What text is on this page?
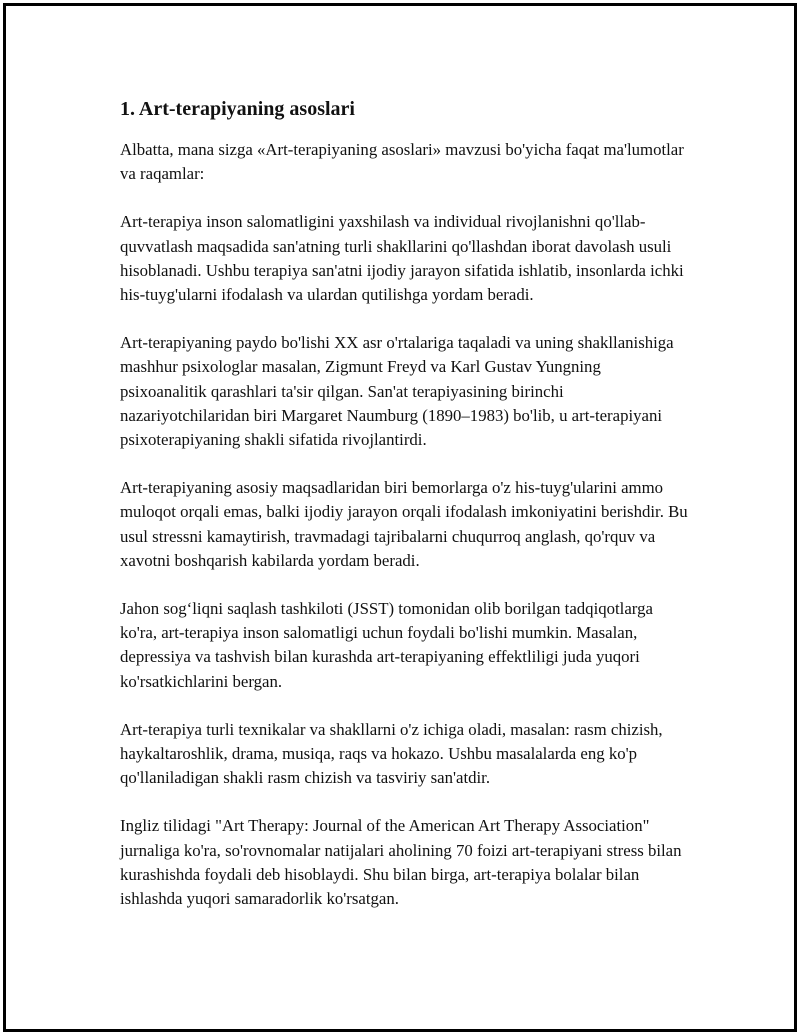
1. Art-terapiyaning asoslari

Albatta, mana sizga «Art-terapiyaning asoslari» mavzusi bo'yicha faqat ma'lumotlar va raqamlar:

Art-terapiya inson salomatligini yaxshilash va individual rivojlanishni qo'llab-quvvatlash maqsadida san'atning turli shakllarini qo'llashdan iborat davolash usuli hisoblanadi. Ushbu terapiya san'atni ijodiy jarayon sifatida ishlatib, insonlarda ichki his-tuyg'ularni ifodalash va ulardan qutilishga yordam beradi.

Art-terapiyaning paydo bo'lishi XX asr o'rtalariga taqaladi va uning shakllanishiga mashhur psixologlar masalan, Zigmunt Freyd va Karl Gustav Yungning psixoanalitik qarashlari ta'sir qilgan. San'at terapiyasining birinchi nazariyotchilaridan biri Margaret Naumburg (1890–1983) bo'lib, u art-terapiyani psixoterapiyaning shakli sifatida rivojlantirdi.

Art-terapiyaning asosiy maqsadlaridan biri bemorlarga o'z his-tuyg'ularini ammo muloqot orqali emas, balki ijodiy jarayon orqali ifodalash imkoniyatini berishdir. Bu usul stressni kamaytirish, travmadagi tajribalarni chuqurroq anglash, qo'rquv va xavotni boshqarish kabilarda yordam beradi.

Jahon sog‘liqni saqlash tashkiloti (JSST) tomonidan olib borilgan tadqiqotlarga ko'ra, art-terapiya inson salomatligi uchun foydali bo'lishi mumkin. Masalan, depressiya va tashvish bilan kurashda art-terapiyaning effektliligi juda yuqori ko'rsatkichlarini bergan.

Art-terapiya turli texnikalar va shakllarni o'z ichiga oladi, masalan: rasm chizish, haykaltaroshlik, drama, musiqa, raqs va hokazo. Ushbu masalalarda eng ko'p qo'llaniladigan shakli rasm chizish va tasviriy san'atdir.

Ingliz tilidagi "Art Therapy: Journal of the American Art Therapy Association" jurnaliga ko'ra, so'rovnomalar natijalari aholining 70 foizi art-terapiyani stress bilan kurashishda foydali deb hisoblaydi. Shu bilan birga, art-terapiya bolalar bilan ishlashda yuqori samaradorlik ko'rsatgan.
